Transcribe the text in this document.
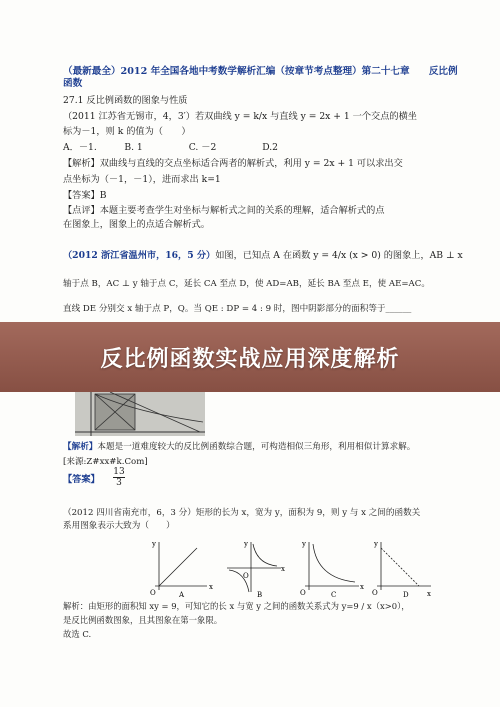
（最新最全）2012 年全国各地中考数学解析汇编（按章节考点整理）第二十七章　　反比例
函数
27.1 反比例函数的图象与性质
（2011 江苏省无锡市，4，3′）若双曲线 y = k/x 与直线 y = 2x + 1 一个交点的横坐
标为－1，则 k 的值为（　　）
A．－1.　　　B. 1　　　　　C. －2　　　　　D.2
【解析】双曲线与直线的交点坐标适合两者的解析式，利用 y = 2x + 1 可以求出交
点坐标为（－1，－1），进而求出 k=1
【答案】B
【点评】本题主要考查学生对坐标与解析式之间的关系的理解，适合解析式的点
在图象上，图象上的点适合解析式。
（2012 浙江省温州市，16，5 分）如图，已知点 A 在函数 y = 4/x (x > 0) 的图象上，AB ⊥ x
轴于点 B，AC ⊥ y 轴于点 C，延长 CA 至点 D，使 AD=AB，延长 BA 至点 E，使 AE=AC。
直线 DE 分别交 x 轴于点 P，Q。当 QE : DP = 4 : 9 时，图中阴影部分的面积等于______
【解析】本题是一道难度较大的反比例函数综合题，可构造相似三角形，利用相似计算求解。
[来源:Z#xx#k.Com]
【答案】
13
3
（2012 四川省南充市，6，3 分）矩形的长为 x，宽为 y，面积为 9，则 y 与 x 之间的函数关
系用图象表示大致为（　　）
O
x
y
A
O
x
y
B	O
x
y
C	O	x
y
D
解析：由矩形的面积知 xy = 9，可知它的长 x 与宽 y 之间的函数关系式为 y=9 / x（x>0），
是反比例函数图象，且其图象在第一象限。
故选 C.
反比例函数实战应用深度解析
